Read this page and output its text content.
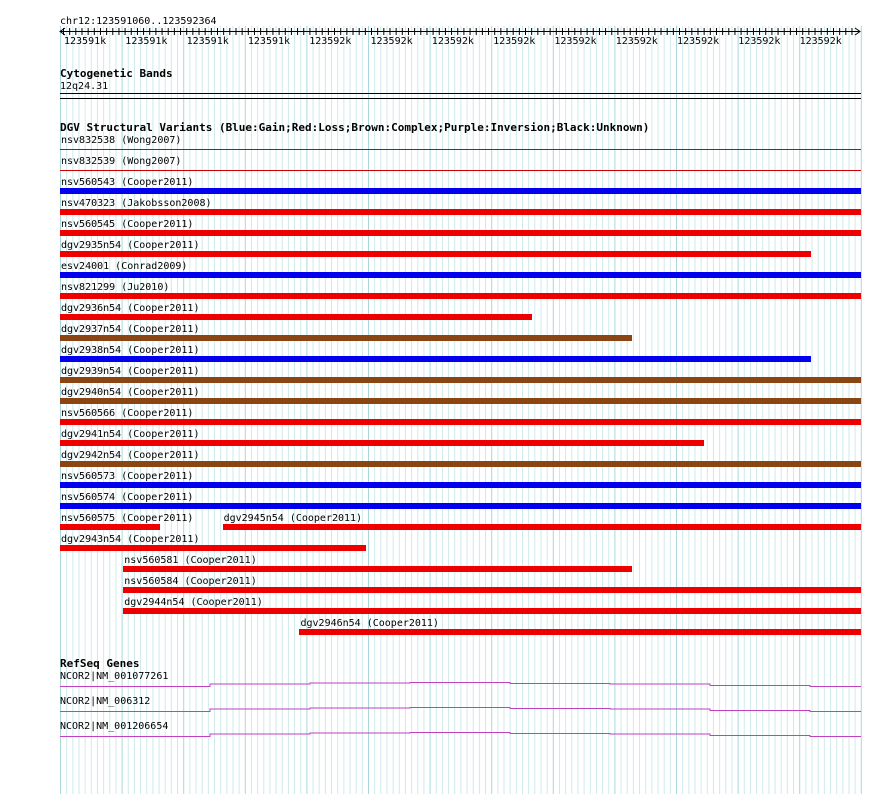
chr12:123591060..123592364
123591k 123591k 123591k 123591k 123592k 123592k 123592k 123592k 123592k 123592k 123592k 123592k 123592k
Cytogenetic Bands
12q24.31
DGV Structural Variants (Blue:Gain;Red:Loss;Brown:Complex;Purple:Inversion;Black:Unknown)
nsv832538 (Wong2007)
nsv832539 (Wong2007)
nsv560543 (Cooper2011)
nsv470323 (Jakobsson2008)
nsv560545 (Cooper2011)
dgv2935n54 (Cooper2011)
esv24001 (Conrad2009)
nsv821299 (Ju2010)
dgv2936n54 (Cooper2011)
dgv2937n54 (Cooper2011)
dgv2938n54 (Cooper2011)
dgv2939n54 (Cooper2011)
dgv2940n54 (Cooper2011)
nsv560566 (Cooper2011)
dgv2941n54 (Cooper2011)
dgv2942n54 (Cooper2011)
nsv560573 (Cooper2011)
nsv560574 (Cooper2011)
nsv560575 (Cooper2011)	dgv2945n54 (Cooper2011)
dgv2943n54 (Cooper2011)
nsv560581 (Cooper2011)
nsv560584 (Cooper2011)
dgv2944n54 (Cooper2011)
dgv2946n54 (Cooper2011)
RefSeq Genes
NCOR2|NM_001077261
NCOR2|NM_006312
NCOR2|NM_001206654
